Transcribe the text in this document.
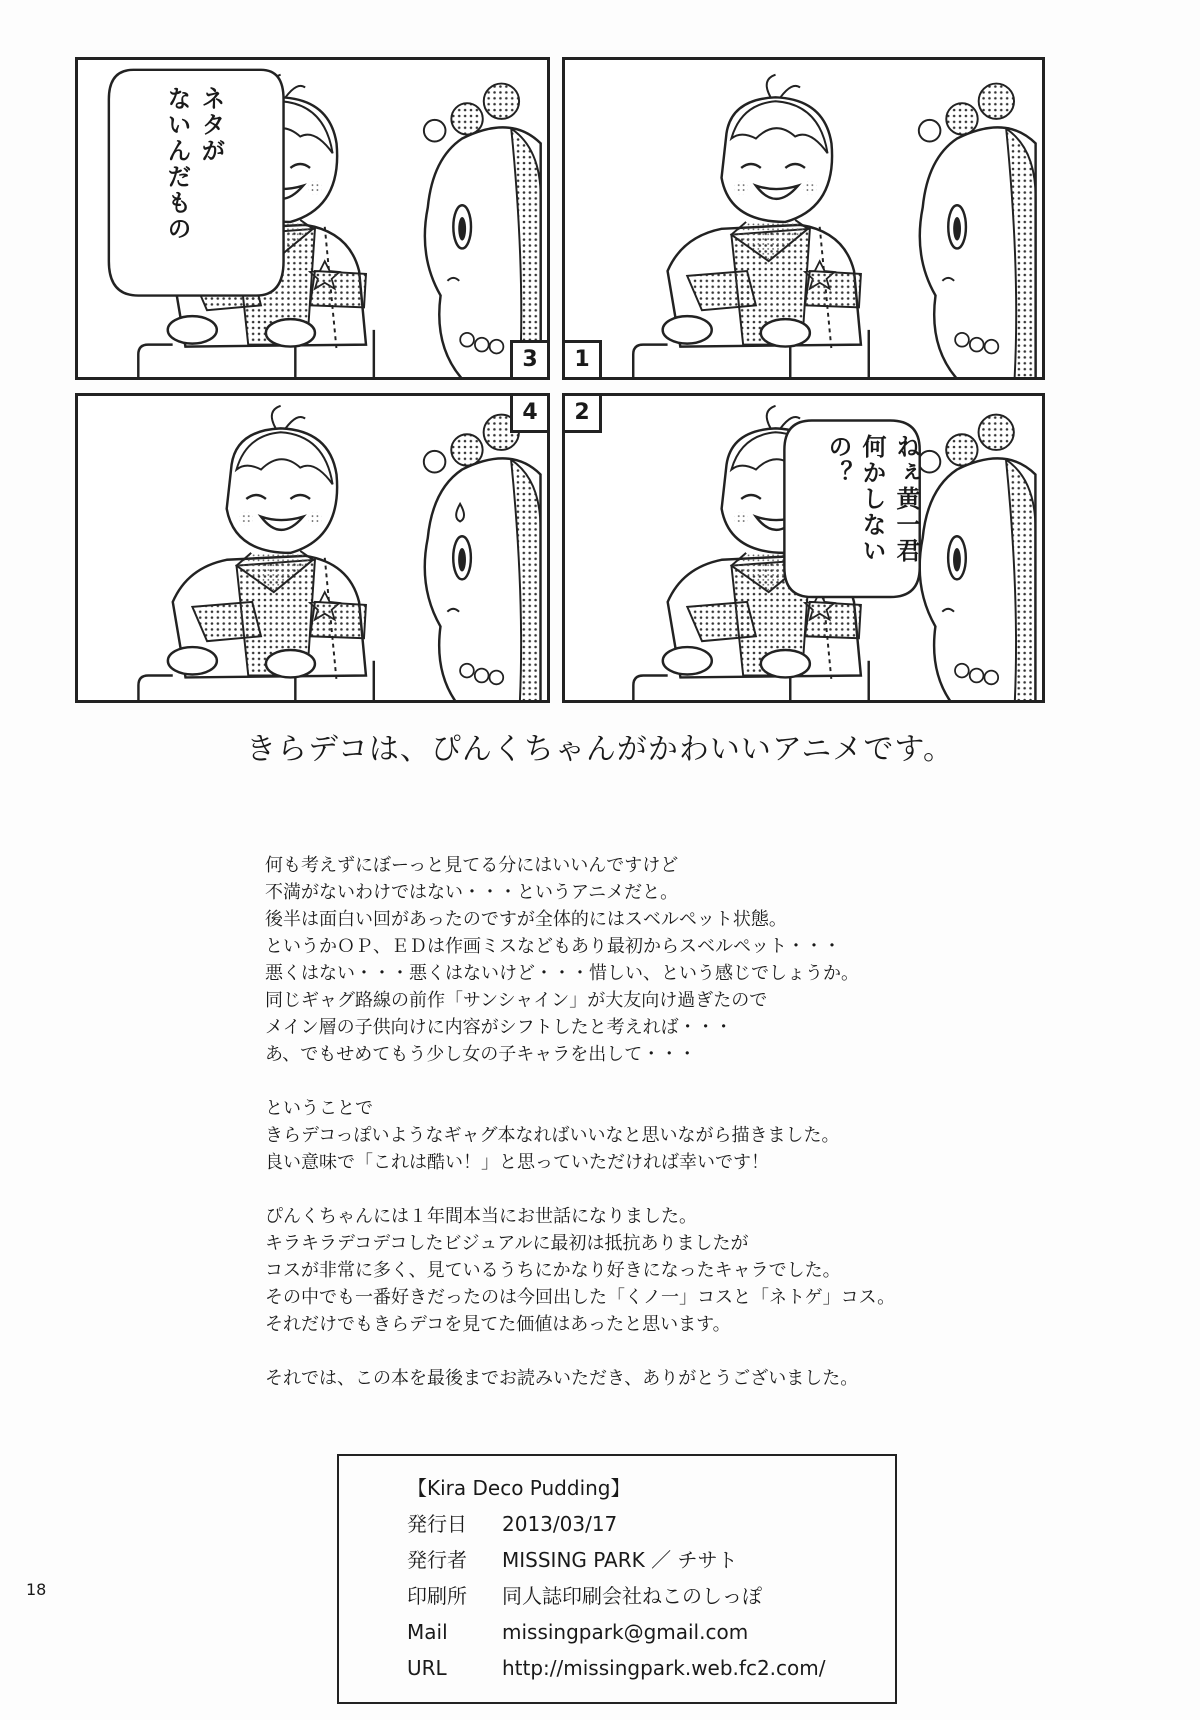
ネタが
ないんだもの
3	1
4
ねぇ黄一君
何かしないの？
2
きらデコは、ぴんくちゃんがかわいいアニメです。
何も考えずにぼーっと見てる分にはいいんですけど
不満がないわけではない・・・というアニメだと。
後半は面白い回があったのですが全体的にはスベルペット状態。
というかＯＰ、ＥＤは作画ミスなどもあり最初からスベルペット・・・
悪くはない・・・悪くはないけど・・・惜しい、という感じでしょうか。
同じギャグ路線の前作「サンシャイン」が大友向け過ぎたので
メイン層の子供向けに内容がシフトしたと考えれば・・・
あ、でもせめてもう少し女の子キャラを出して・・・
ということで
きらデコっぽいようなギャグ本なればいいなと思いながら描きました。
良い意味で「これは酷い！」と思っていただければ幸いです！
ぴんくちゃんには１年間本当にお世話になりました。
キラキラデコデコしたビジュアルに最初は抵抗ありましたが
コスが非常に多く、見ているうちにかなり好きになったキャラでした。
その中でも一番好きだったのは今回出した「くノ一」コスと「ネトゲ」コス。
それだけでもきらデコを見てた価値はあったと思います。
それでは、この本を最後までお読みいただき、ありがとうございました。
【Kira Deco Pudding】
発行日 2013/03/17
発行者 MISSING PARK ／ チサト
印刷所 同人誌印刷会社ねこのしっぽ
Mail	missingpark@gmail.com
URL	http://missingpark.web.fc2.com/
18
